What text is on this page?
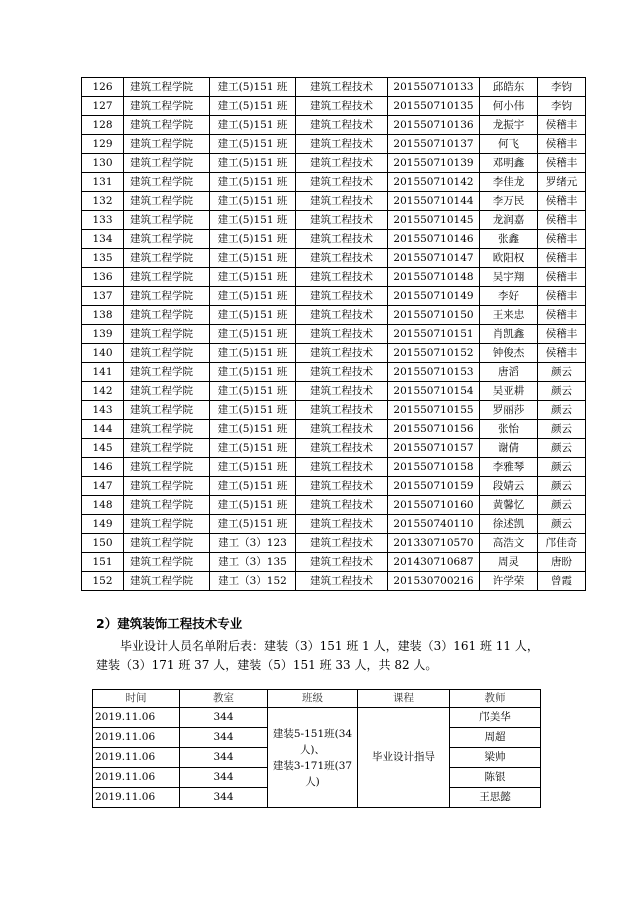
126	建筑工程学院	建工(5)151 班	建筑工程技术	201550710133	邱皓东	李钧
127	建筑工程学院	建工(5)151 班	建筑工程技术	201550710135	何小伟	李钧
128	建筑工程学院	建工(5)151 班	建筑工程技术	201550710136	龙振宇	侯稽丰
129	建筑工程学院	建工(5)151 班	建筑工程技术	201550710137	何飞	侯稽丰
130	建筑工程学院	建工(5)151 班	建筑工程技术	201550710139	邓明鑫	侯稽丰
131	建筑工程学院	建工(5)151 班	建筑工程技术	201550710142	李佳龙	罗绪元
132	建筑工程学院	建工(5)151 班	建筑工程技术	201550710144	李万民	侯稽丰
133	建筑工程学院	建工(5)151 班	建筑工程技术	201550710145	龙润嘉	侯稽丰
134	建筑工程学院	建工(5)151 班	建筑工程技术	201550710146	张鑫	侯稽丰
135	建筑工程学院	建工(5)151 班	建筑工程技术	201550710147	欧阳权	侯稽丰
136	建筑工程学院	建工(5)151 班	建筑工程技术	201550710148	吴宇翔	侯稽丰
137	建筑工程学院	建工(5)151 班	建筑工程技术	201550710149	李好	侯稽丰
138	建筑工程学院	建工(5)151 班	建筑工程技术	201550710150	王来忠	侯稽丰
139	建筑工程学院	建工(5)151 班	建筑工程技术	201550710151	肖凯鑫	侯稽丰
140	建筑工程学院	建工(5)151 班	建筑工程技术	201550710152	钟俊杰	侯稽丰
141	建筑工程学院	建工(5)151 班	建筑工程技术	201550710153	唐滔	颜云
142	建筑工程学院	建工(5)151 班	建筑工程技术	201550710154	吴亚耕	颜云
143	建筑工程学院	建工(5)151 班	建筑工程技术	201550710155	罗丽莎	颜云
144	建筑工程学院	建工(5)151 班	建筑工程技术	201550710156	张怡	颜云
145	建筑工程学院	建工(5)151 班	建筑工程技术	201550710157	谢倩	颜云
146	建筑工程学院	建工(5)151 班	建筑工程技术	201550710158	李雅琴	颜云
147	建筑工程学院	建工(5)151 班	建筑工程技术	201550710159	段婧云	颜云
148	建筑工程学院	建工(5)151 班	建筑工程技术	201550710160	黄馨忆	颜云
149	建筑工程学院	建工(5)151 班	建筑工程技术	201550740110	徐述凯	颜云
150	建筑工程学院	建工（3）123	建筑工程技术	201330710570	高浩文	邝佳奇
151	建筑工程学院	建工（3）135	建筑工程技术	201430710687	周灵	唐盼
152	建筑工程学院	建工（3）152	建筑工程技术	201530700216	许学荣	曾霞
2）建筑装饰工程技术专业

毕业设计人员名单附后表：建装（3）151 班 1 人，建装（3）161 班 11 人，

建装（3）171 班 37 人，建装（5）151 班 33 人，共 82 人。

时间	教室	班级	课程	教师
2019.11.06	344	建装5-151班(34人)、
建装3-171班(37人)	毕业设计指导	邝美华
2019.11.06	344			周超
2019.11.06	344			梁帅
2019.11.06	344			陈银
2019.11.06	344			王思懿
